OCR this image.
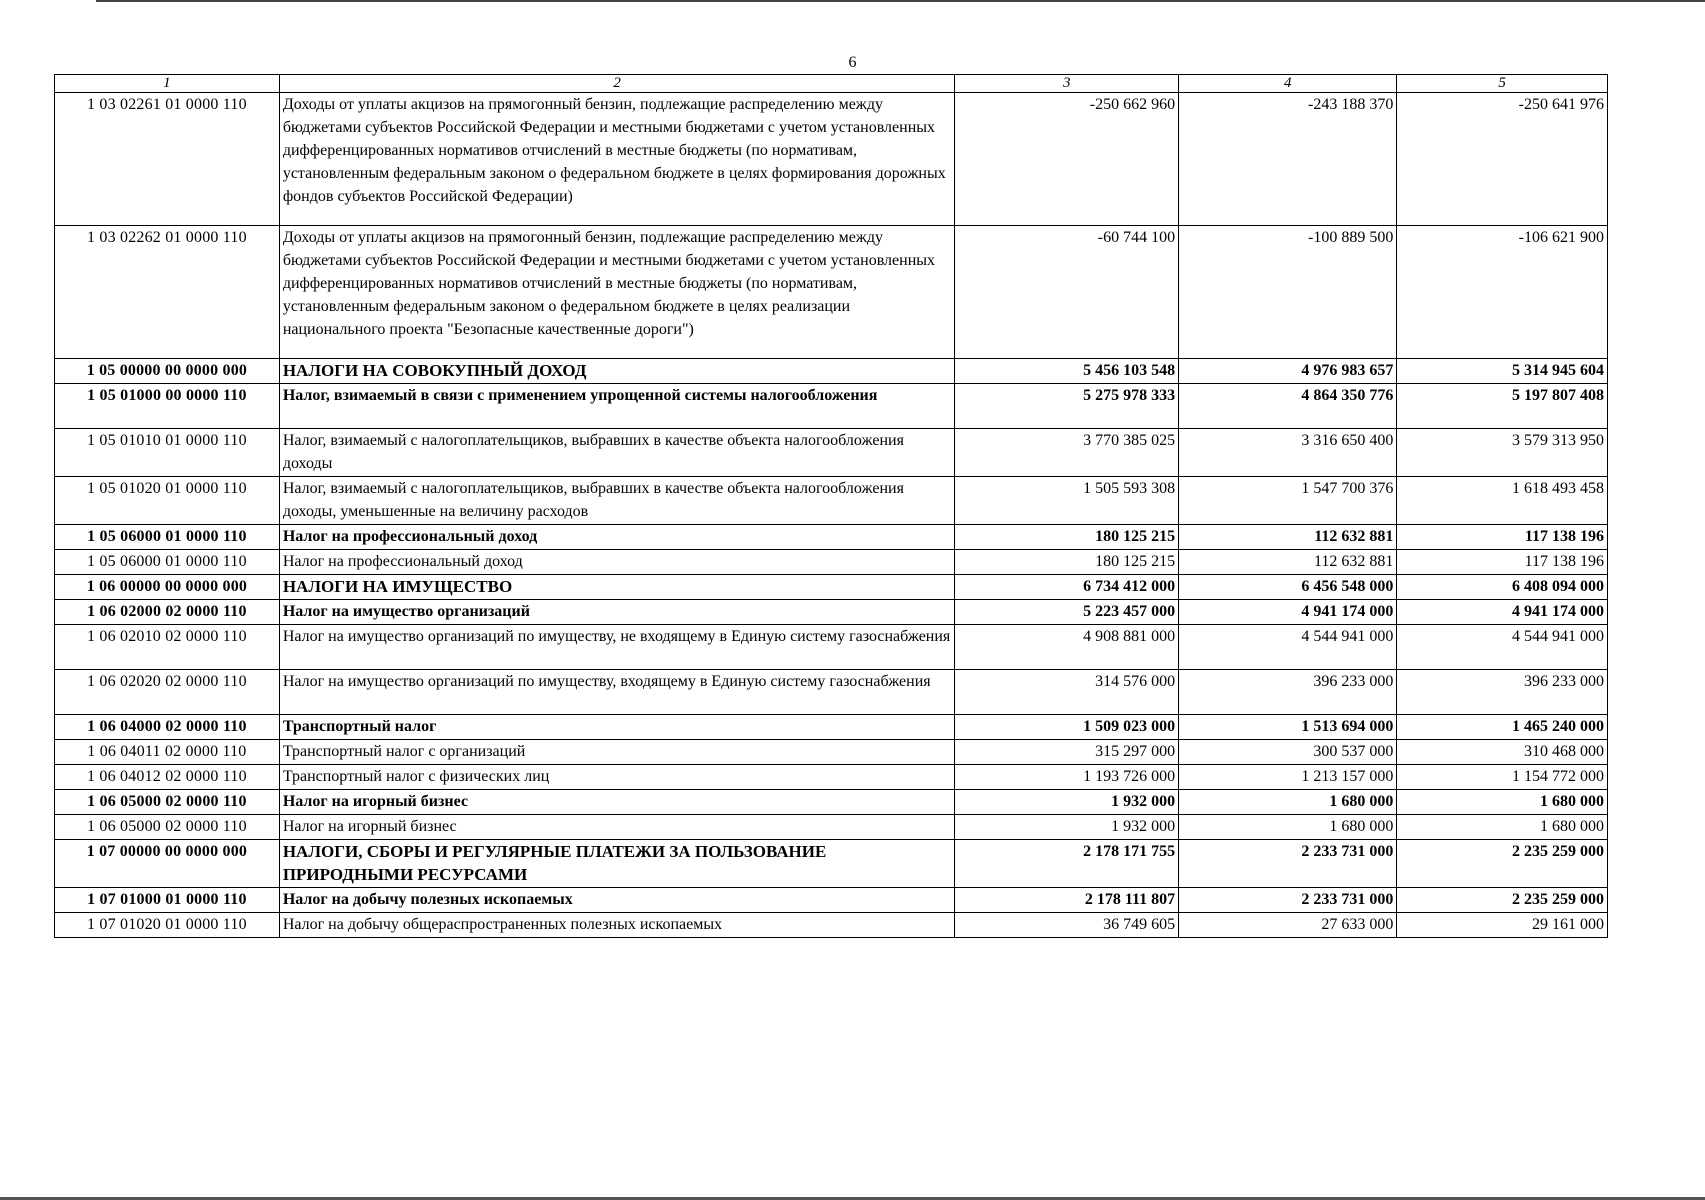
6
1	2	3	4	5
1 03 02261 01 0000 110	Доходы от уплаты акцизов на прямогонный бензин, подлежащие распределению между бюджетами субъектов Российской Федерации и местными бюджетами с учетом установленных дифференцированных нормативов отчислений в местные бюджеты (по нормативам, установленным федеральным законом о федеральном бюджете в целях формирования дорожных фондов субъектов Российской Федерации)	-250 662 960	-243 188 370	-250 641 976
1 03 02262 01 0000 110	Доходы от уплаты акцизов на прямогонный бензин, подлежащие распределению между бюджетами субъектов Российской Федерации и местными бюджетами с учетом установленных дифференцированных нормативов отчислений в местные бюджеты (по нормативам, установленным федеральным законом о федеральном бюджете в целях реализации национального проекта "Безопасные качественные дороги")	-60 744 100	-100 889 500	-106 621 900
1 05 00000 00 0000 000	НАЛОГИ НА СОВОКУПНЫЙ ДОХОД	5 456 103 548	4 976 983 657	5 314 945 604
1 05 01000 00 0000 110	Налог, взимаемый в связи с применением упрощенной системы налогообложения	5 275 978 333	4 864 350 776	5 197 807 408
1 05 01010 01 0000 110	Налог, взимаемый с налогоплательщиков, выбравших в качестве объекта налогообложения доходы	3 770 385 025	3 316 650 400	3 579 313 950
1 05 01020 01 0000 110	Налог, взимаемый с налогоплательщиков, выбравших в качестве объекта налогообложения доходы, уменьшенные на величину расходов	1 505 593 308	1 547 700 376	1 618 493 458
1 05 06000 01 0000 110	Налог на профессиональный доход	180 125 215	112 632 881	117 138 196
1 05 06000 01 0000 110	Налог на профессиональный доход	180 125 215	112 632 881	117 138 196
1 06 00000 00 0000 000	НАЛОГИ НА ИМУЩЕСТВО	6 734 412 000	6 456 548 000	6 408 094 000
1 06 02000 02 0000 110	Налог на имущество организаций	5 223 457 000	4 941 174 000	4 941 174 000
1 06 02010 02 0000 110	Налог на имущество организаций по имуществу, не входящему в Единую систему газоснабжения	4 908 881 000	4 544 941 000	4 544 941 000
1 06 02020 02 0000 110	Налог на имущество организаций по имуществу, входящему в Единую систему газоснабжения	314 576 000	396 233 000	396 233 000
1 06 04000 02 0000 110	Транспортный налог	1 509 023 000	1 513 694 000	1 465 240 000
1 06 04011 02 0000 110	Транспортный налог с организаций	315 297 000	300 537 000	310 468 000
1 06 04012 02 0000 110	Транспортный налог с физических лиц	1 193 726 000	1 213 157 000	1 154 772 000
1 06 05000 02 0000 110	Налог на игорный бизнес	1 932 000	1 680 000	1 680 000
1 06 05000 02 0000 110	Налог на игорный бизнес	1 932 000	1 680 000	1 680 000
1 07 00000 00 0000 000	НАЛОГИ, СБОРЫ И РЕГУЛЯРНЫЕ ПЛАТЕЖИ ЗА ПОЛЬЗОВАНИЕ ПРИРОДНЫМИ РЕСУРСАМИ	2 178 171 755	2 233 731 000	2 235 259 000
1 07 01000 01 0000 110	Налог на добычу полезных ископаемых	2 178 111 807	2 233 731 000	2 235 259 000
1 07 01020 01 0000 110	Налог на добычу общераспространенных полезных ископаемых	36 749 605	27 633 000	29 161 000
